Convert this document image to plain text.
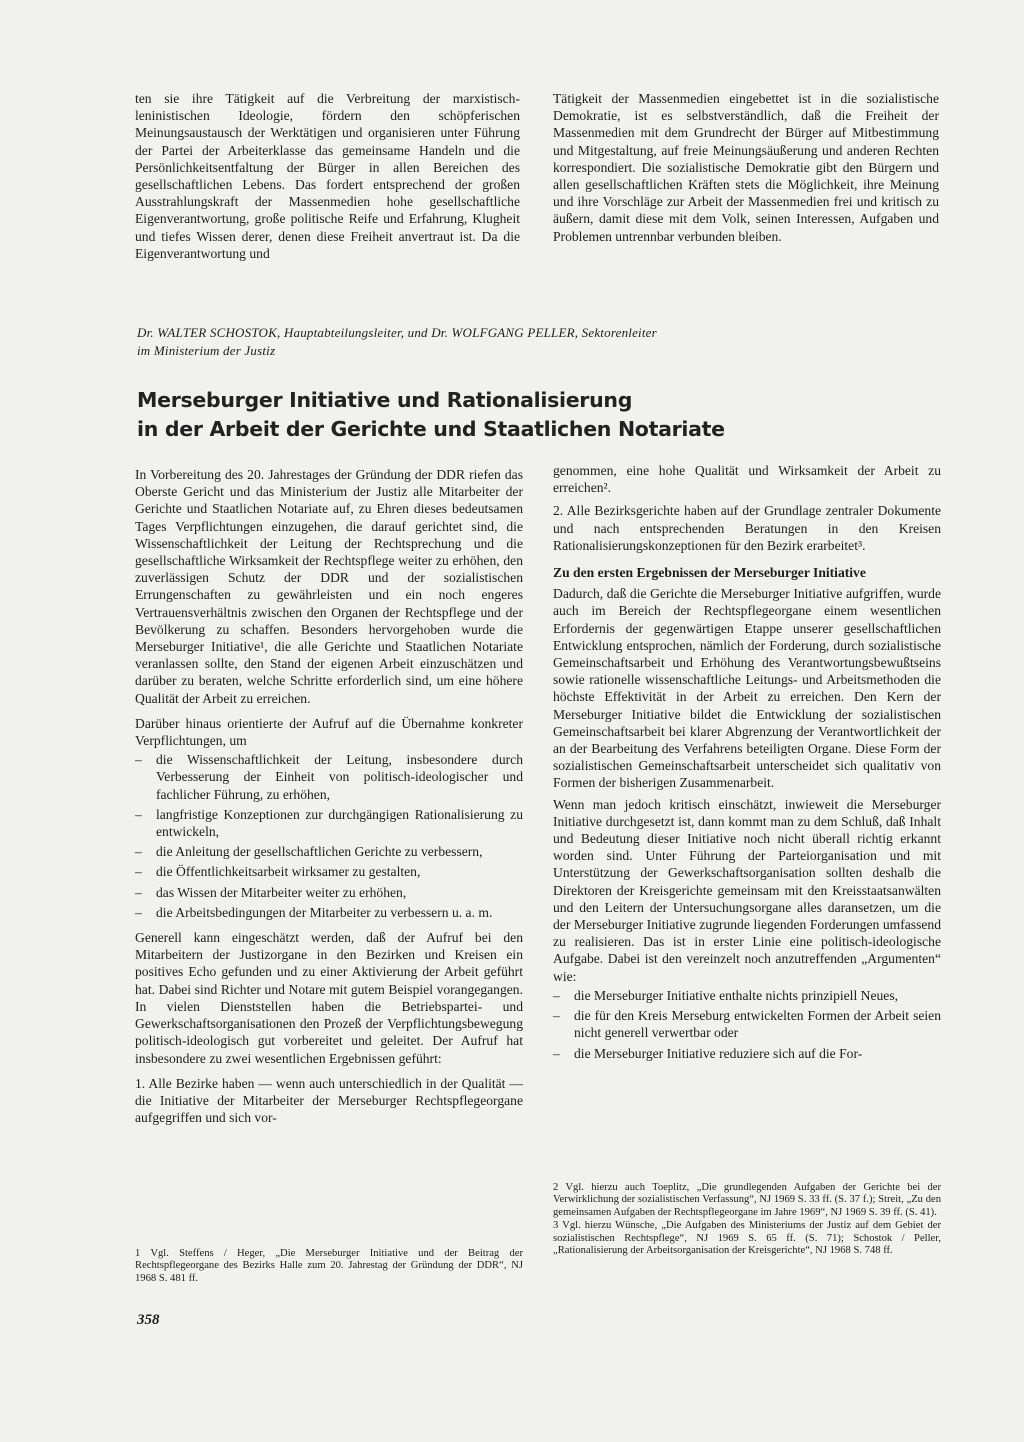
ten sie ihre Tätigkeit auf die Verbreitung der marxistisch-leninistischen Ideologie, fördern den schöpferischen Meinungsaustausch der Werktätigen und organisieren unter Führung der Partei der Arbeiterklasse das gemeinsame Handeln und die Persönlichkeitsentfaltung der Bürger in allen Bereichen des gesellschaftlichen Lebens. Das fordert entsprechend der großen Ausstrahlungskraft der Massenmedien hohe gesellschaftliche Eigenverantwortung, große politische Reife und Erfahrung, Klugheit und tiefes Wissen derer, denen diese Freiheit anvertraut ist. Da die Eigenverantwortung und

Tätigkeit der Massenmedien eingebettet ist in die sozialistische Demokratie, ist es selbstverständlich, daß die Freiheit der Massenmedien mit dem Grundrecht der Bürger auf Mitbestimmung und Mitgestaltung, auf freie Meinungsäußerung und anderen Rechten korrespondiert. Die sozialistische Demokratie gibt den Bürgern und allen gesellschaftlichen Kräften stets die Möglichkeit, ihre Meinung und ihre Vorschläge zur Arbeit der Massenmedien frei und kritisch zu äußern, damit diese mit dem Volk, seinen Interessen, Aufgaben und Problemen untrennbar verbunden bleiben.

Dr. WALTER SCHOSTOK, Hauptabteilungsleiter, und Dr. WOLFGANG PELLER, Sektorenleiter
im Ministerium der Justiz
Merseburger Initiative und Rationalisierung
in der Arbeit der Gerichte und Staatlichen Notariate

In Vorbereitung des 20. Jahrestages der Gründung der DDR riefen das Oberste Gericht und das Ministerium der Justiz alle Mitarbeiter der Gerichte und Staatlichen Notariate auf, zu Ehren dieses bedeutsamen Tages Verpflichtungen einzugehen, die darauf gerichtet sind, die Wissenschaftlichkeit der Leitung der Rechtsprechung und die gesellschaftliche Wirksamkeit der Rechtspflege weiter zu erhöhen, den zuverlässigen Schutz der DDR und der sozialistischen Errungenschaften zu gewährleisten und ein noch engeres Vertrauensverhältnis zwischen den Organen der Rechtspflege und der Bevölkerung zu schaffen. Besonders hervorgehoben wurde die Merseburger Initiative¹, die alle Gerichte und Staatlichen Notariate veranlassen sollte, den Stand der eigenen Arbeit einzuschätzen und darüber zu beraten, welche Schritte erforderlich sind, um eine höhere Qualität der Arbeit zu erreichen.

Darüber hinaus orientierte der Aufruf auf die Übernahme konkreter Verpflichtungen, um

– die Wissenschaftlichkeit der Leitung, insbesondere durch Verbesserung der Einheit von politisch-ideologischer und fachlicher Führung, zu erhöhen,
– langfristige Konzeptionen zur durchgängigen Rationalisierung zu entwickeln,
– die Anleitung der gesellschaftlichen Gerichte zu verbessern,
– die Öffentlichkeitsarbeit wirksamer zu gestalten,
– das Wissen der Mitarbeiter weiter zu erhöhen,
– die Arbeitsbedingungen der Mitarbeiter zu verbessern u. a. m.

Generell kann eingeschätzt werden, daß der Aufruf bei den Mitarbeitern der Justizorgane in den Bezirken und Kreisen ein positives Echo gefunden und zu einer Aktivierung der Arbeit geführt hat. Dabei sind Richter und Notare mit gutem Beispiel vorangegangen. In vielen Dienststellen haben die Betriebspartei- und Gewerkschaftsorganisationen den Prozeß der Verpflichtungsbewegung politisch-ideologisch gut vorbereitet und geleitet. Der Aufruf hat insbesondere zu zwei wesentlichen Ergebnissen geführt:

1. Alle Bezirke haben — wenn auch unterschiedlich in der Qualität — die Initiative der Mitarbeiter der Merseburger Rechtspflegeorgane aufgegriffen und sich vor-

1 Vgl. Steffens / Heger, „Die Merseburger Initiative und der Beitrag der Rechtspflegeorgane des Bezirks Halle zum 20. Jahrestag der Gründung der DDR“, NJ 1968 S. 481 ff.

genommen, eine hohe Qualität und Wirksamkeit der Arbeit zu erreichen².

2. Alle Bezirksgerichte haben auf der Grundlage zentraler Dokumente und nach entsprechenden Beratungen in den Kreisen Rationalisierungskonzeptionen für den Bezirk erarbeitet³.

Zu den ersten Ergebnissen der Merseburger Initiative

Dadurch, daß die Gerichte die Merseburger Initiative aufgriffen, wurde auch im Bereich der Rechtspflegeorgane einem wesentlichen Erfordernis der gegenwärtigen Etappe unserer gesellschaftlichen Entwicklung entsprochen, nämlich der Forderung, durch sozialistische Gemeinschaftsarbeit und Erhöhung des Verantwortungsbewußtseins sowie rationelle wissenschaftliche Leitungs- und Arbeitsmethoden die höchste Effektivität in der Arbeit zu erreichen. Den Kern der Merseburger Initiative bildet die Entwicklung der sozialistischen Gemeinschaftsarbeit bei klarer Abgrenzung der Verantwortlichkeit der an der Bearbeitung des Verfahrens beteiligten Organe. Diese Form der sozialistischen Gemeinschaftsarbeit unterscheidet sich qualitativ von Formen der bisherigen Zusammenarbeit.

Wenn man jedoch kritisch einschätzt, inwieweit die Merseburger Initiative durchgesetzt ist, dann kommt man zu dem Schluß, daß Inhalt und Bedeutung dieser Initiative noch nicht überall richtig erkannt worden sind. Unter Führung der Parteiorganisation und mit Unterstützung der Gewerkschaftsorganisation sollten deshalb die Direktoren der Kreisgerichte gemeinsam mit den Kreisstaatsanwälten und den Leitern der Untersuchungsorgane alles daransetzen, um die der Merseburger Initiative zugrunde liegenden Forderungen umfassend zu realisieren. Das ist in erster Linie eine politisch-ideologische Aufgabe. Dabei ist den vereinzelt noch anzutreffenden „Argumenten“ wie:

– die Merseburger Initiative enthalte nichts prinzipiell Neues,
– die für den Kreis Merseburg entwickelten Formen der Arbeit seien nicht generell verwertbar oder
– die Merseburger Initiative reduziere sich auf die For-

2 Vgl. hierzu auch Toeplitz, „Die grundlegenden Aufgaben der Gerichte bei der Verwirklichung der sozialistischen Verfassung“, NJ 1969 S. 33 ff. (S. 37 f.); Streit, „Zu den gemeinsamen Aufgaben der Rechtspflegeorgane im Jahre 1969“, NJ 1969 S. 39 ff. (S. 41).

3 Vgl. hierzu Wünsche, „Die Aufgaben des Ministeriums der Justiz auf dem Gebiet der sozialistischen Rechtspflege“, NJ 1969 S. 65 ff. (S. 71); Schostok / Peller, „Rationalisierung der Arbeitsorganisation der Kreisgerichte“, NJ 1968 S. 748 ff.

358
